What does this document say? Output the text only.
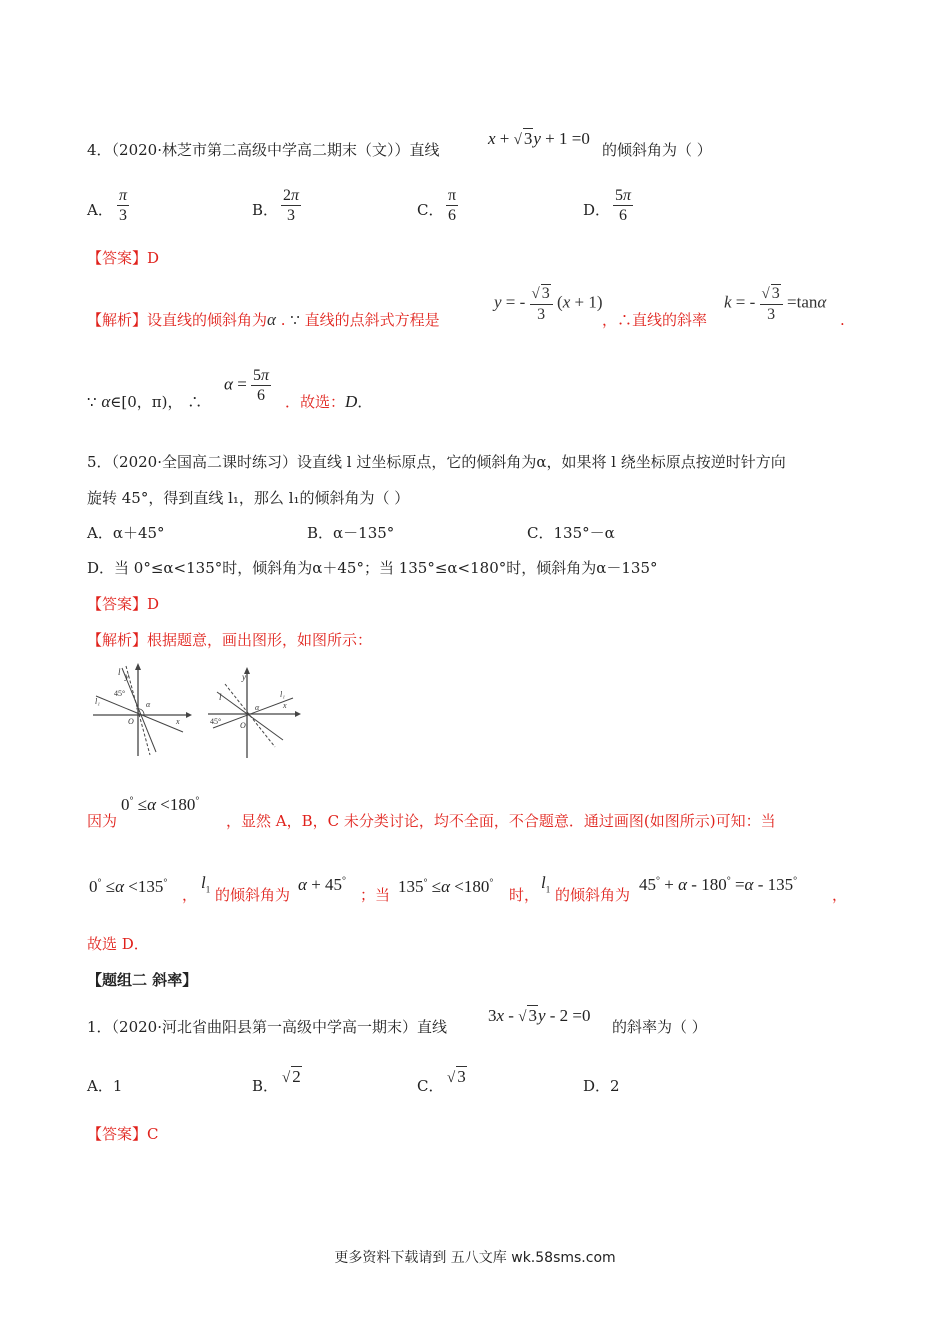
4．（2020·林芝市第二高级中学高二期末（文））直线
x + √ 3y + 1 =0
的倾斜角为（ ）
A． $\frac{\pi}{3}$	B． $\frac{2\pi}{3}$	C． $\frac{\pi}{6}$	D． $\frac{5\pi}{6}$
【答案】D
【解析】设直线的倾斜角为α . ∵ 直线的点斜式方程是
y = - $\frac{√ 3}{3} (x + 1)$
，∴直线的斜率
k = - $\frac{√ 3}{3} =\tan\alpha$
.
∵ α∈[0，π)， ∴
$\alpha = \frac{5\pi}{6}$ ．故选：D．
5．（2020·全国高二课时练习）设直线 l 过坐标原点，它的倾斜角为α，如果将 l 绕坐标原点按逆时针方向
旋转 45°，得到直线 l₁，那么 l₁的倾斜角为（ ）
A．α＋45°	B．α－135°	C．135°－α
D．当 0°≤α<135°时，倾斜角为α＋45°；当 135°≤α<180°时，倾斜角为α－135°
【答案】D
【解析】根据题意，画出图形，如图所示：
l y
45°
α
l₁
O	x
y
l	l₁
45°
α
O
x
因为
0° ≤α <180°
，显然 A，B，C 未分类讨论，均不全面，不合题意．通过画图(如图所示)可知：当
0° ≤α <135°
，
$l_1$ 的倾斜角为
α + 45°
；当 135° ≤α <180°
时，
$l_1$ 的倾斜角为
45° + α - 180° =α - 135°
，
故选 D．
【题组二 斜率】
1．（2020·河北省曲阳县第一高级中学高一期末）直线
3x - √ 3y - 2 =0
的斜率为（ ）
A．1	B． √ 2	C． √ 3	D．2
【答案】C
更多资料下载请到 五八文库 wk.58sms.com
